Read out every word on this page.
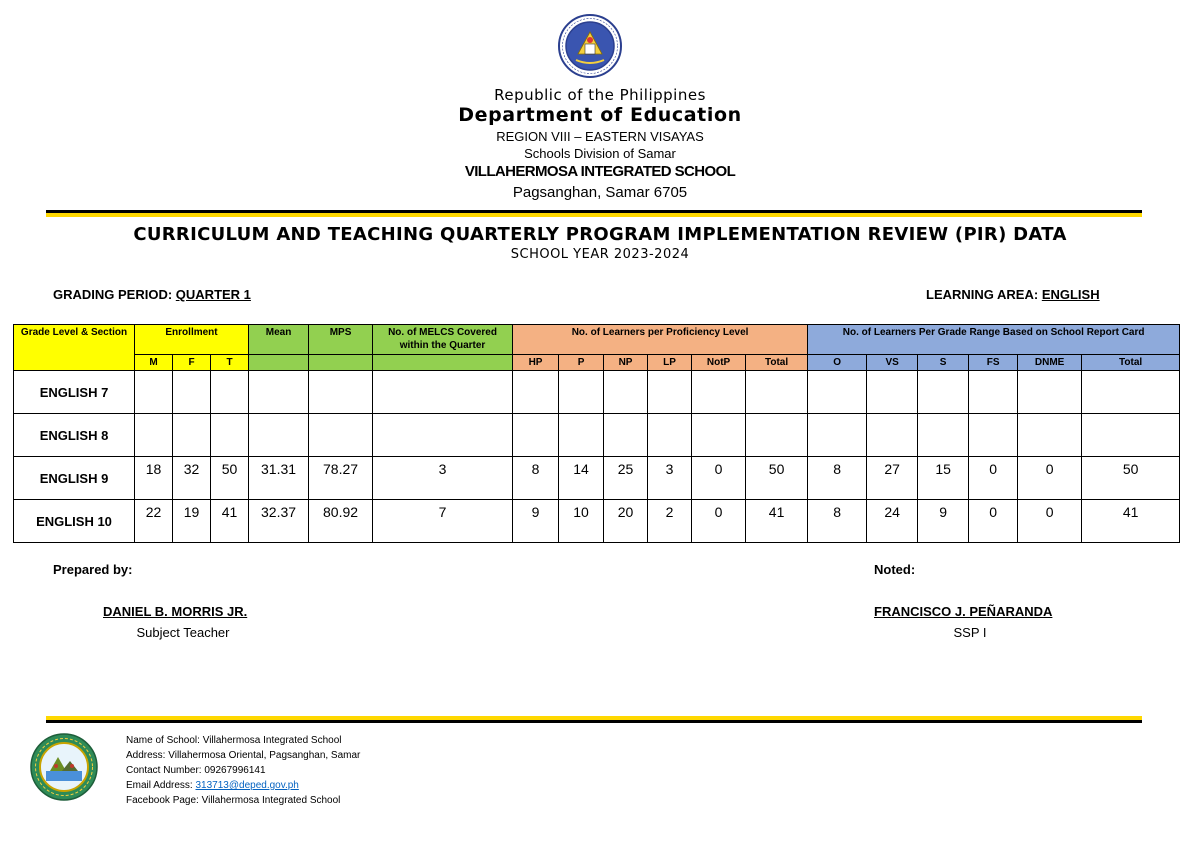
Republic of the Philippines
Department of Education
REGION VIII – EASTERN VISAYAS
Schools Division of Samar
VILLAHERMOSA INTEGRATED SCHOOL
Pagsanghan, Samar 6705
CURRICULUM AND TEACHING QUARTERLY PROGRAM IMPLEMENTATION REVIEW (PIR) DATA
SCHOOL YEAR 2023-2024
GRADING PERIOD: QUARTER 1	LEARNING AREA: ENGLISH
Grade Level & Section	Enrollment			Mean	MPS	No. of MELCS Covered within the Quarter	No. of Learners per Proficiency Level						No. of Learners Per Grade Range Based on School Report Card					
	M	F	T				HP	P	NP	LP	NotP	Total	O	VS	S	FS	DNME	Total
ENGLISH 7																		
ENGLISH 8																		
ENGLISH 9	18	32	50	31.31	78.27	3	8	14	25	3	0	50	8	27	15	0	0	50
ENGLISH 10	22	19	41	32.37	80.92	7	9	10	20	2	0	41	8	24	9	0	0	41
Prepared by:
DANIEL B. MORRIS JR.
Subject Teacher
Noted:
FRANCISCO J. PEÑARANDA
SSP I
Name of School: Villahermosa Integrated School
Address: Villahermosa Oriental, Pagsanghan, Samar
Contact Number: 09267996141
Email Address: 313713@deped.gov.ph
Facebook Page: Villahermosa Integrated School
